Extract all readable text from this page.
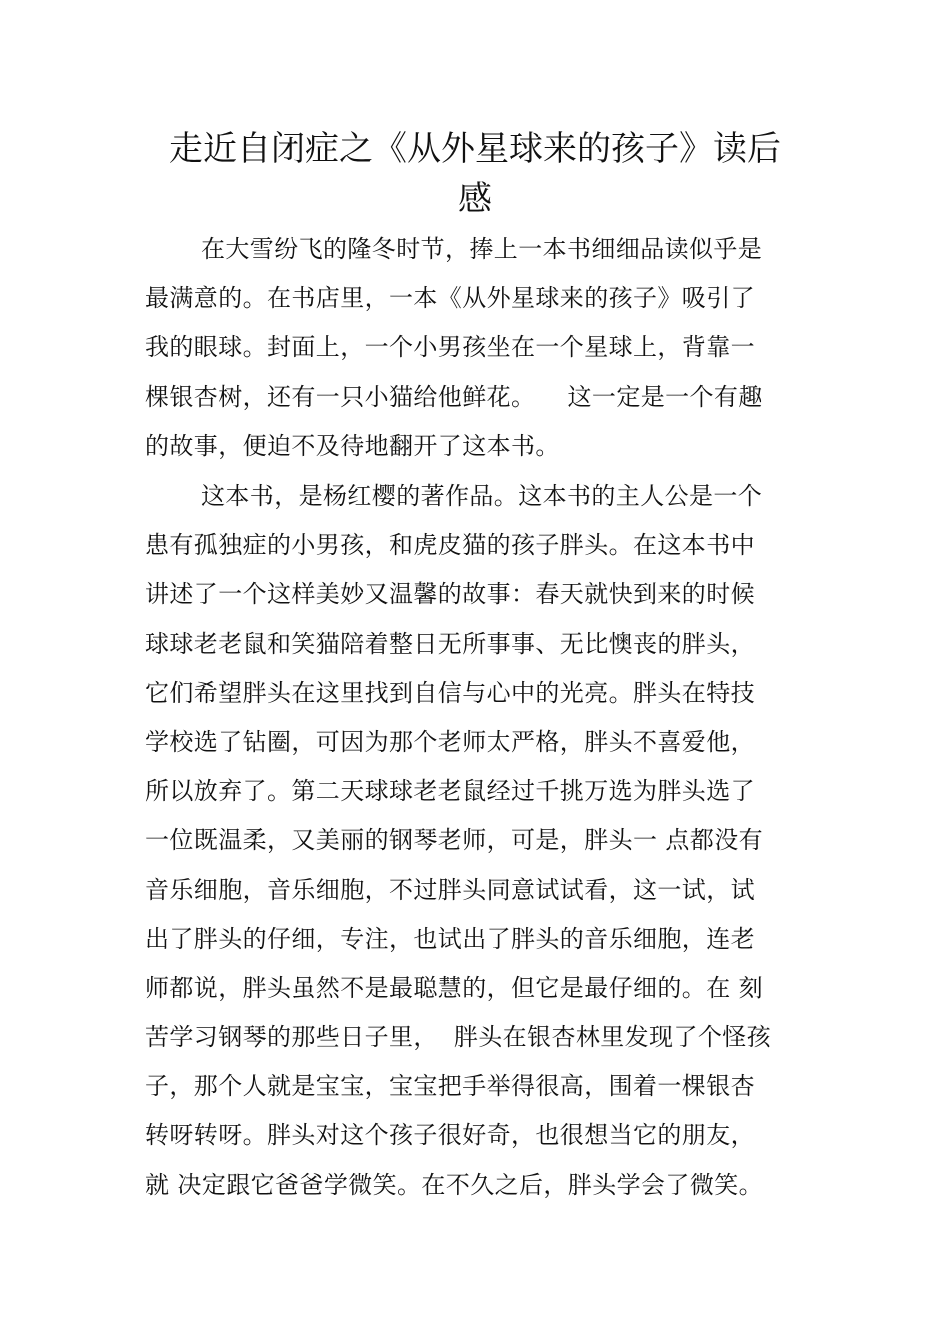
走近自闭症之《从外星球来的孩子》读后
感
在大雪纷飞的隆冬时节，捧上一本书细细品读似乎是
最满意的。在书店里，一本《从外星球来的孩子》吸引了
我的眼球。封面上，一个小男孩坐在一个星球上，背靠一
棵银杏树，还有一只小猫给他鲜花。    这一定是一个有趣
的故事，便迫不及待地翻开了这本书。
这本书，是杨红樱的著作品。这本书的主人公是一个
患有孤独症的小男孩，和虎皮猫的孩子胖头。在这本书中
讲述了一个这样美妙又温馨的故事：春天就快到来的时候
球球老老鼠和笑猫陪着整日无所事事、无比懊丧的胖头，
它们希望胖头在这里找到自信与心中的光亮。胖头在特技
学校选了钻圈，可因为那个老师太严格，胖头不喜爱他，
所以放弃了。第二天球球老老鼠经过千挑万选为胖头选了
一位既温柔，又美丽的钢琴老师，可是，胖头一 点都没有
音乐细胞，音乐细胞，不过胖头同意试试看，这一试，试
出了胖头的仔细，专注，也试出了胖头的音乐细胞，连老
师都说，胖头虽然不是最聪慧的，但它是最仔细的。在 刻
苦学习钢琴的那些日子里，  胖头在银杏林里发现了个怪孩
子，那个人就是宝宝，宝宝把手举得很高，围着一棵银杏
转呀转呀。胖头对这个孩子很好奇，也很想当它的朋友，
就 决定跟它爸爸学微笑。在不久之后，胖头学会了微笑。
